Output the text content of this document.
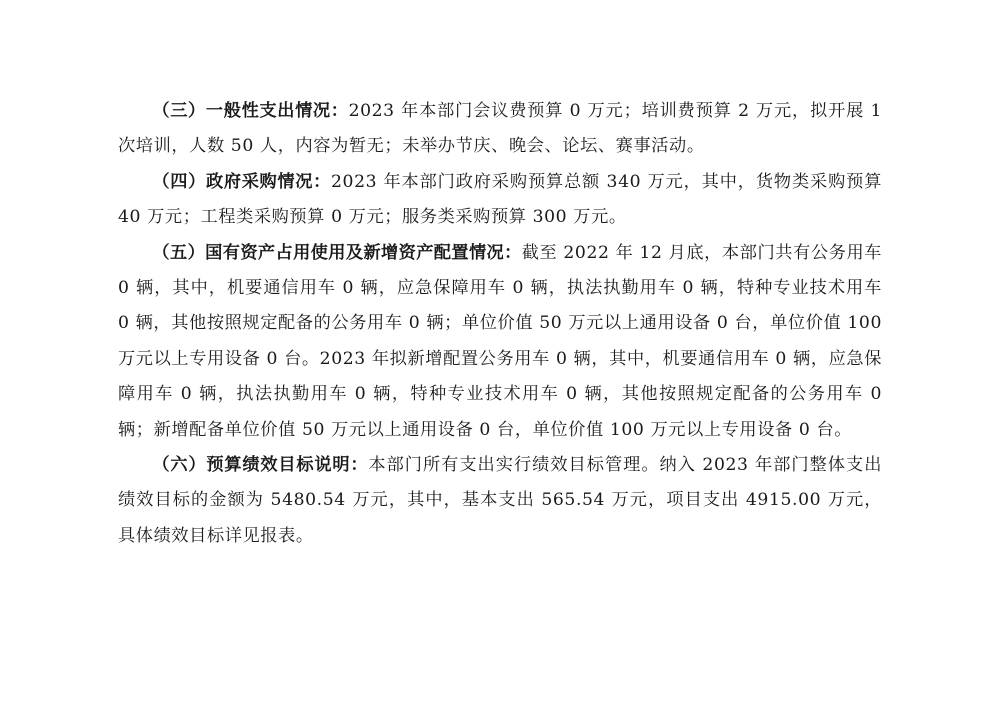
（三）一般性支出情况：2023 年本部门会议费预算 0 万元；培训费预算 2 万元，拟开展 1 次培训，人数 50 人，内容为暂无；未举办节庆、晚会、论坛、赛事活动。

（四）政府采购情况：2023 年本部门政府采购预算总额 340 万元，其中，货物类采购预算 40 万元；工程类采购预算 0 万元；服务类采购预算 300 万元。

（五）国有资产占用使用及新增资产配置情况：截至 2022 年 12 月底，本部门共有公务用车 0 辆，其中，机要通信用车 0 辆，应急保障用车 0 辆，执法执勤用车 0 辆，特种专业技术用车 0 辆，其他按照规定配备的公务用车 0 辆；单位价值 50 万元以上通用设备 0 台，单位价值 100 万元以上专用设备 0 台。2023 年拟新增配置公务用车 0 辆，其中，机要通信用车 0 辆，应急保障用车 0 辆，执法执勤用车 0 辆，特种专业技术用车 0 辆，其他按照规定配备的公务用车 0 辆；新增配备单位价值 50 万元以上通用设备 0 台，单位价值 100 万元以上专用设备 0 台。

（六）预算绩效目标说明：本部门所有支出实行绩效目标管理。纳入 2023 年部门整体支出绩效目标的金额为 5480.54 万元，其中，基本支出 565.54 万元，项目支出 4915.00 万元，具体绩效目标详见报表。
